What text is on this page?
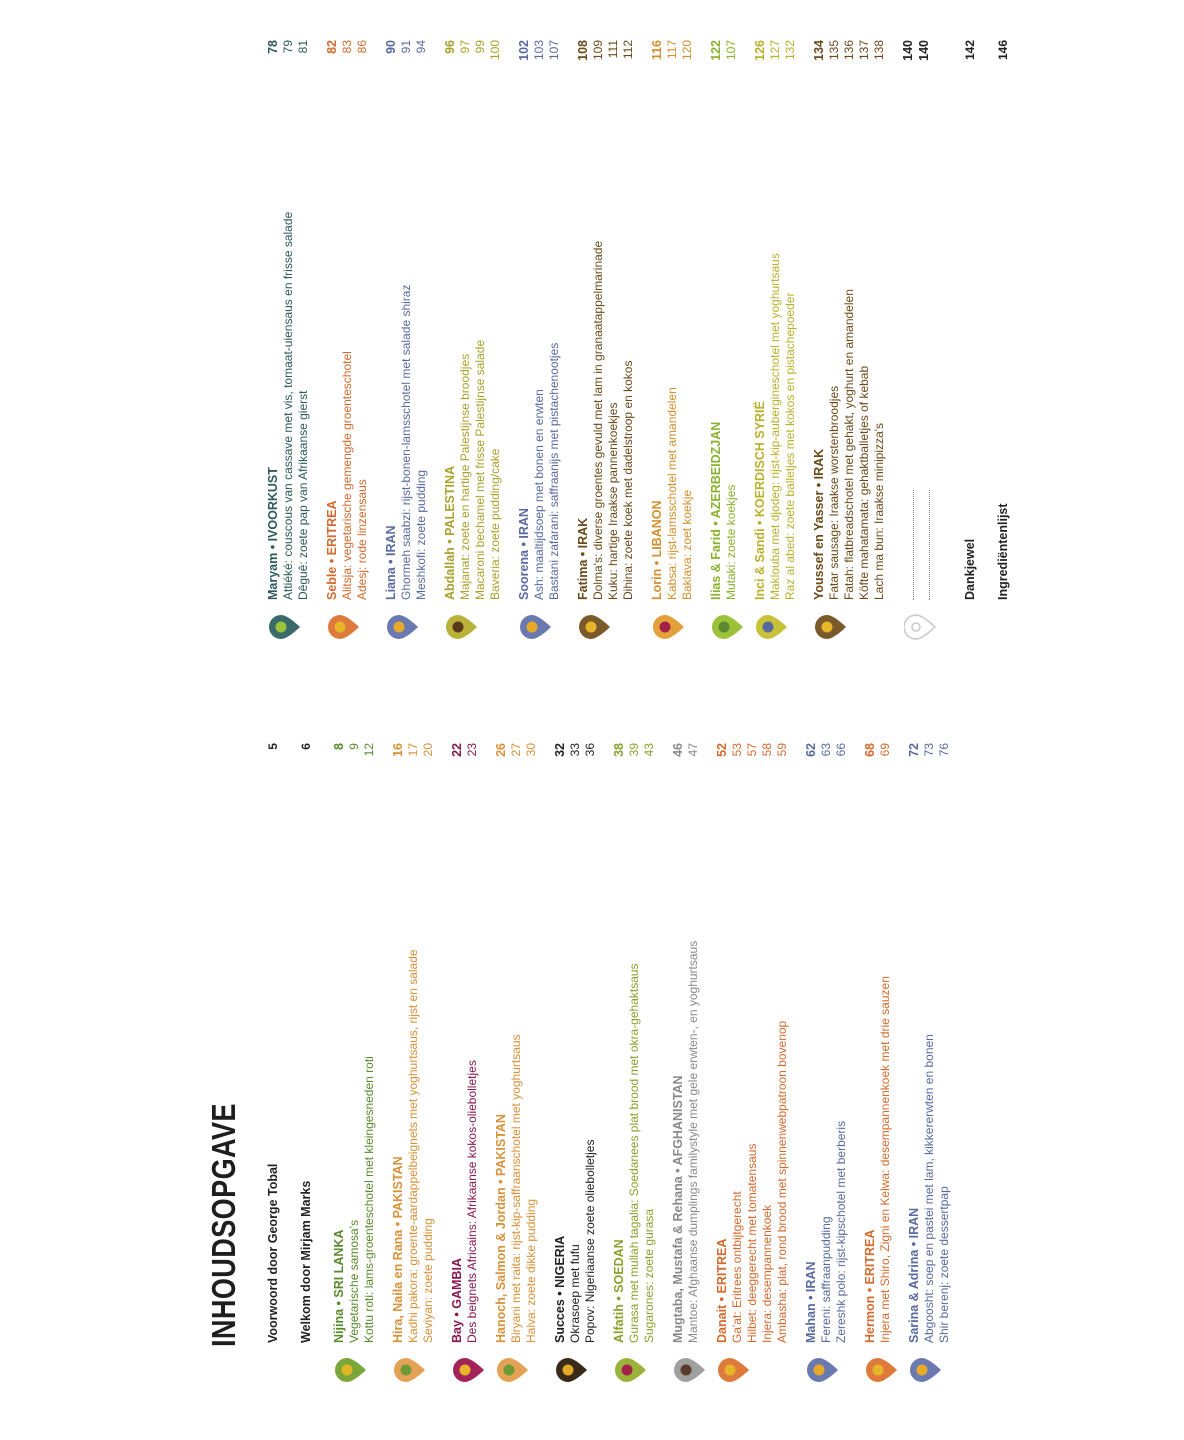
INHOUDSOPGAVE Voorwoord door George Tobal
5
Welkom door Mirjam Marks
6
Nijina • SRI LANKA
8
Vegetarische samosa's
9
Kottu roti: lams-groenteschotel met kleingesneden roti
12
Hira, Naila en Rana • PAKISTAN
16
Kadhi pakora: groente-aardappelbeignets met yoghurtsaus, rijst en salade
17
Seviyan: zoete pudding
20
Bay • GAMBIA
22
Des beignets Africains: Afrikaanse kokos-oliebolletjes
23
Hanoch, Salmon & Jordan • PAKISTAN
26
Biryani met raita: rijst-kip-saffraanschotel met yoghurtsaus
27
Halva: zoete dikke pudding
30
Succes • NIGERIA
32
Okrasoep met fufu
33
Popov: Nigeriaanse zoete oliebolletjes
36
Alfatih • SOEDAN
38
Gurasa met mullah tagalia: Soedanees plat brood met okra-gehaktsaus
39
Sugarones: zoete gurasa
43
Mugtaba, Mustafa & Rehana • AFGHANISTAN
46
Mantoe: Afghaanse dumplings familystyle met gele erwten-, en yoghurtsaus
47
Danait • ERITREA
52
Ga'at: Eritrees ontbijtgerecht
53
Hilbet: deeggerecht met tomatensaus
57
Injera: desempannenkoek
58
Ambasha: plat, rond brood met spinnenwebpatroon bovenop
59
Mahan • IRAN
62
Fereni: saffraanpudding
63
Zereshk polo: rijst-kipschotel met berberis
66
Hermon • ERITREA
68
Injera met Shiro, Zigni en Kelwa: desempannenkoek met drie sauzen
69
Sarina & Adrina • IRAN
72
Abgoosht: soep en pastei met lam, kikkererwten en bonen
73
Shir berenj: zoete dessertpap
76
Maryam • IVOORKUST
78
Attiéké: couscous van cassave met vis, tomaat-uiensaus en frisse salade
79
Dêguê: zoete pap van Afrikaanse gierst
81
Seble • ERITREA
82
Alitsja: vegetarische gemengde groenteschotel
83
Adesj: rode linzensaus
86
Liana • IRAN
90
Ghormeh saabzi: rijst-bonen-lamsschotel met salade shiraz
91
Meshkofi: zoete pudding
94
Abdallah • PALESTINA
96
Majanat: zoete en hartige Palestijnse broodjes
97
Macaroni bechamel met frisse Palestijnse salade
99
Baveria: zoete pudding/cake
100
Soorena • IRAN
102
Ash: maaltijdsoep met bonen en erwten
103
Bastani zafarani: saffraanijs met pistachenootjes
107
Fatima • IRAK
108
Dolma's: diverse groentes gevuld met lam in granaatappelmarinade
109
Kuku: hartige Iraakse pannenkoekjes
111
Dihina: zoete koek met dadelstroop en kokos
112
Lorin • LIBANON
116
Kabsa: rijst-lamsschotel met amandelen
117
Baklava: zoet koekje
120
Ilias & Farid • AZERBEIDZJAN
122
Mutaki: zoete koekjes
107
Inci & Sandi • KOERDISCH SYRIË
126
Makloubа met djodeg: rijst-kip-aubergineschotel met yoghurtsaus
127
Raz al abed: zoete balletjes met kokos en pistachepoeder
132
Youssef en Yasser • IRAK
134
Fatar sausage: Iraakse worstenbroodjes
135
Fatah: flatbreadschotel met gehakt, yoghurt en amandelen
136
Köfte mahatamata: gehaktballetjes of kebab
137
Lach ma bun: Iraakse minipizza's
138 140 140
Dankjewel
142
Ingrediëntenlijst
146
